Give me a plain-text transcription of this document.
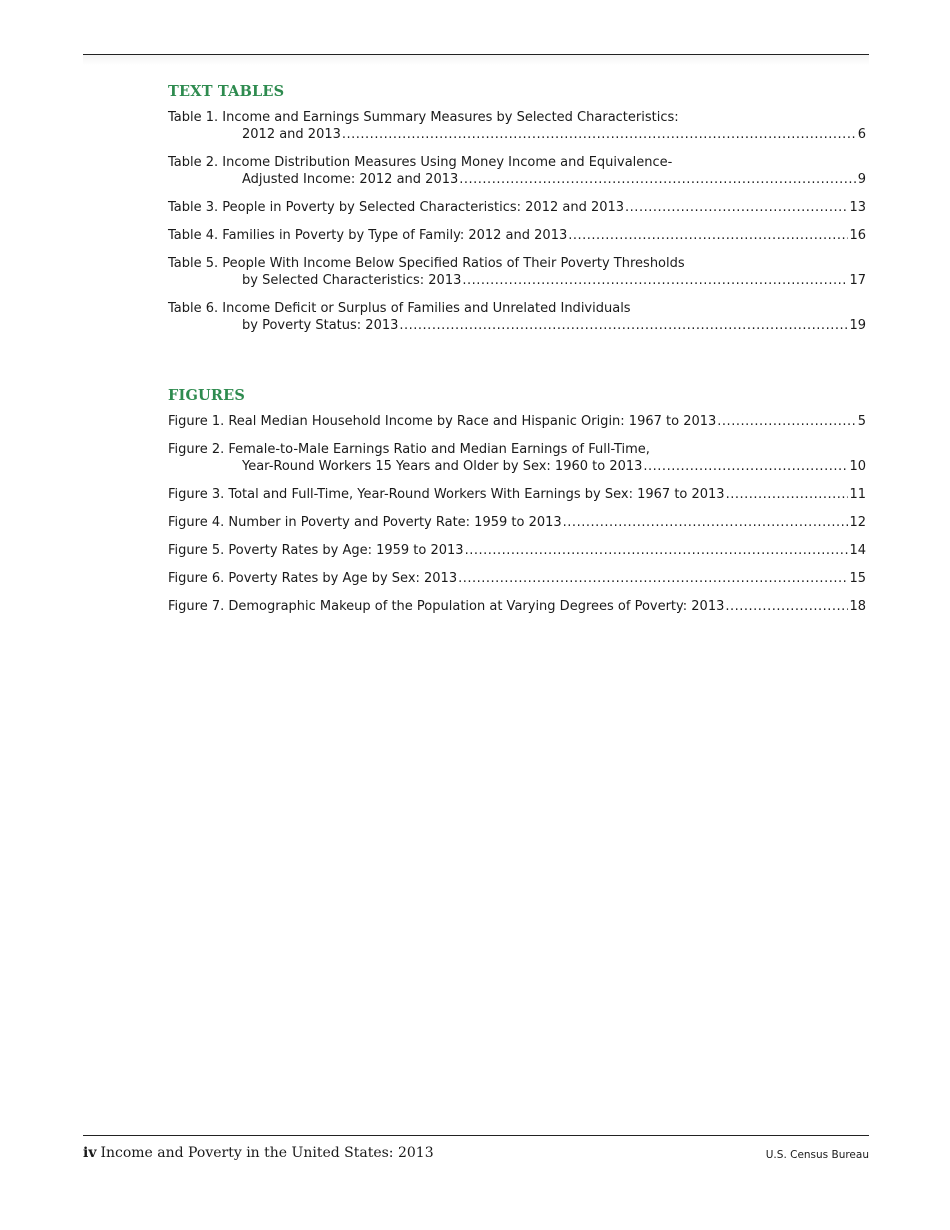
TEXT TABLES
Table 1. Income and Earnings Summary Measures by Selected Characteristics:
2012 and 2013 .....	6
Table 2. Income Distribution Measures Using Money Income and Equivalence-
Adjusted Income: 2012 and 2013 .....	9
Table 3. People in Poverty by Selected Characteristics: 2012 and 2013 .....	13
Table 4. Families in Poverty by Type of Family: 2012 and 2013 .....	16
Table 5. People With Income Below Specified Ratios of Their Poverty Thresholds
by Selected Characteristics: 2013 .....	17
Table 6. Income Deficit or Surplus of Families and Unrelated Individuals
by Poverty Status: 2013 .....	19
FIGURES
Figure 1. Real Median Household Income by Race and Hispanic Origin: 1967 to 2013 .....	5
Figure 2. Female-to-Male Earnings Ratio and Median Earnings of Full-Time,
Year-Round Workers 15 Years and Older by Sex: 1960 to 2013 .....	10
Figure 3. Total and Full-Time, Year-Round Workers With Earnings by Sex: 1967 to 2013 .....	11
Figure 4. Number in Poverty and Poverty Rate: 1959 to 2013 .....	12
Figure 5. Poverty Rates by Age: 1959 to 2013 .....	14
Figure 6. Poverty Rates by Age by Sex: 2013 .....	15
Figure 7. Demographic Makeup of the Population at Varying Degrees of Poverty: 2013 .....	18
iv Income and Poverty in the United States: 2013	U.S. Census Bureau
